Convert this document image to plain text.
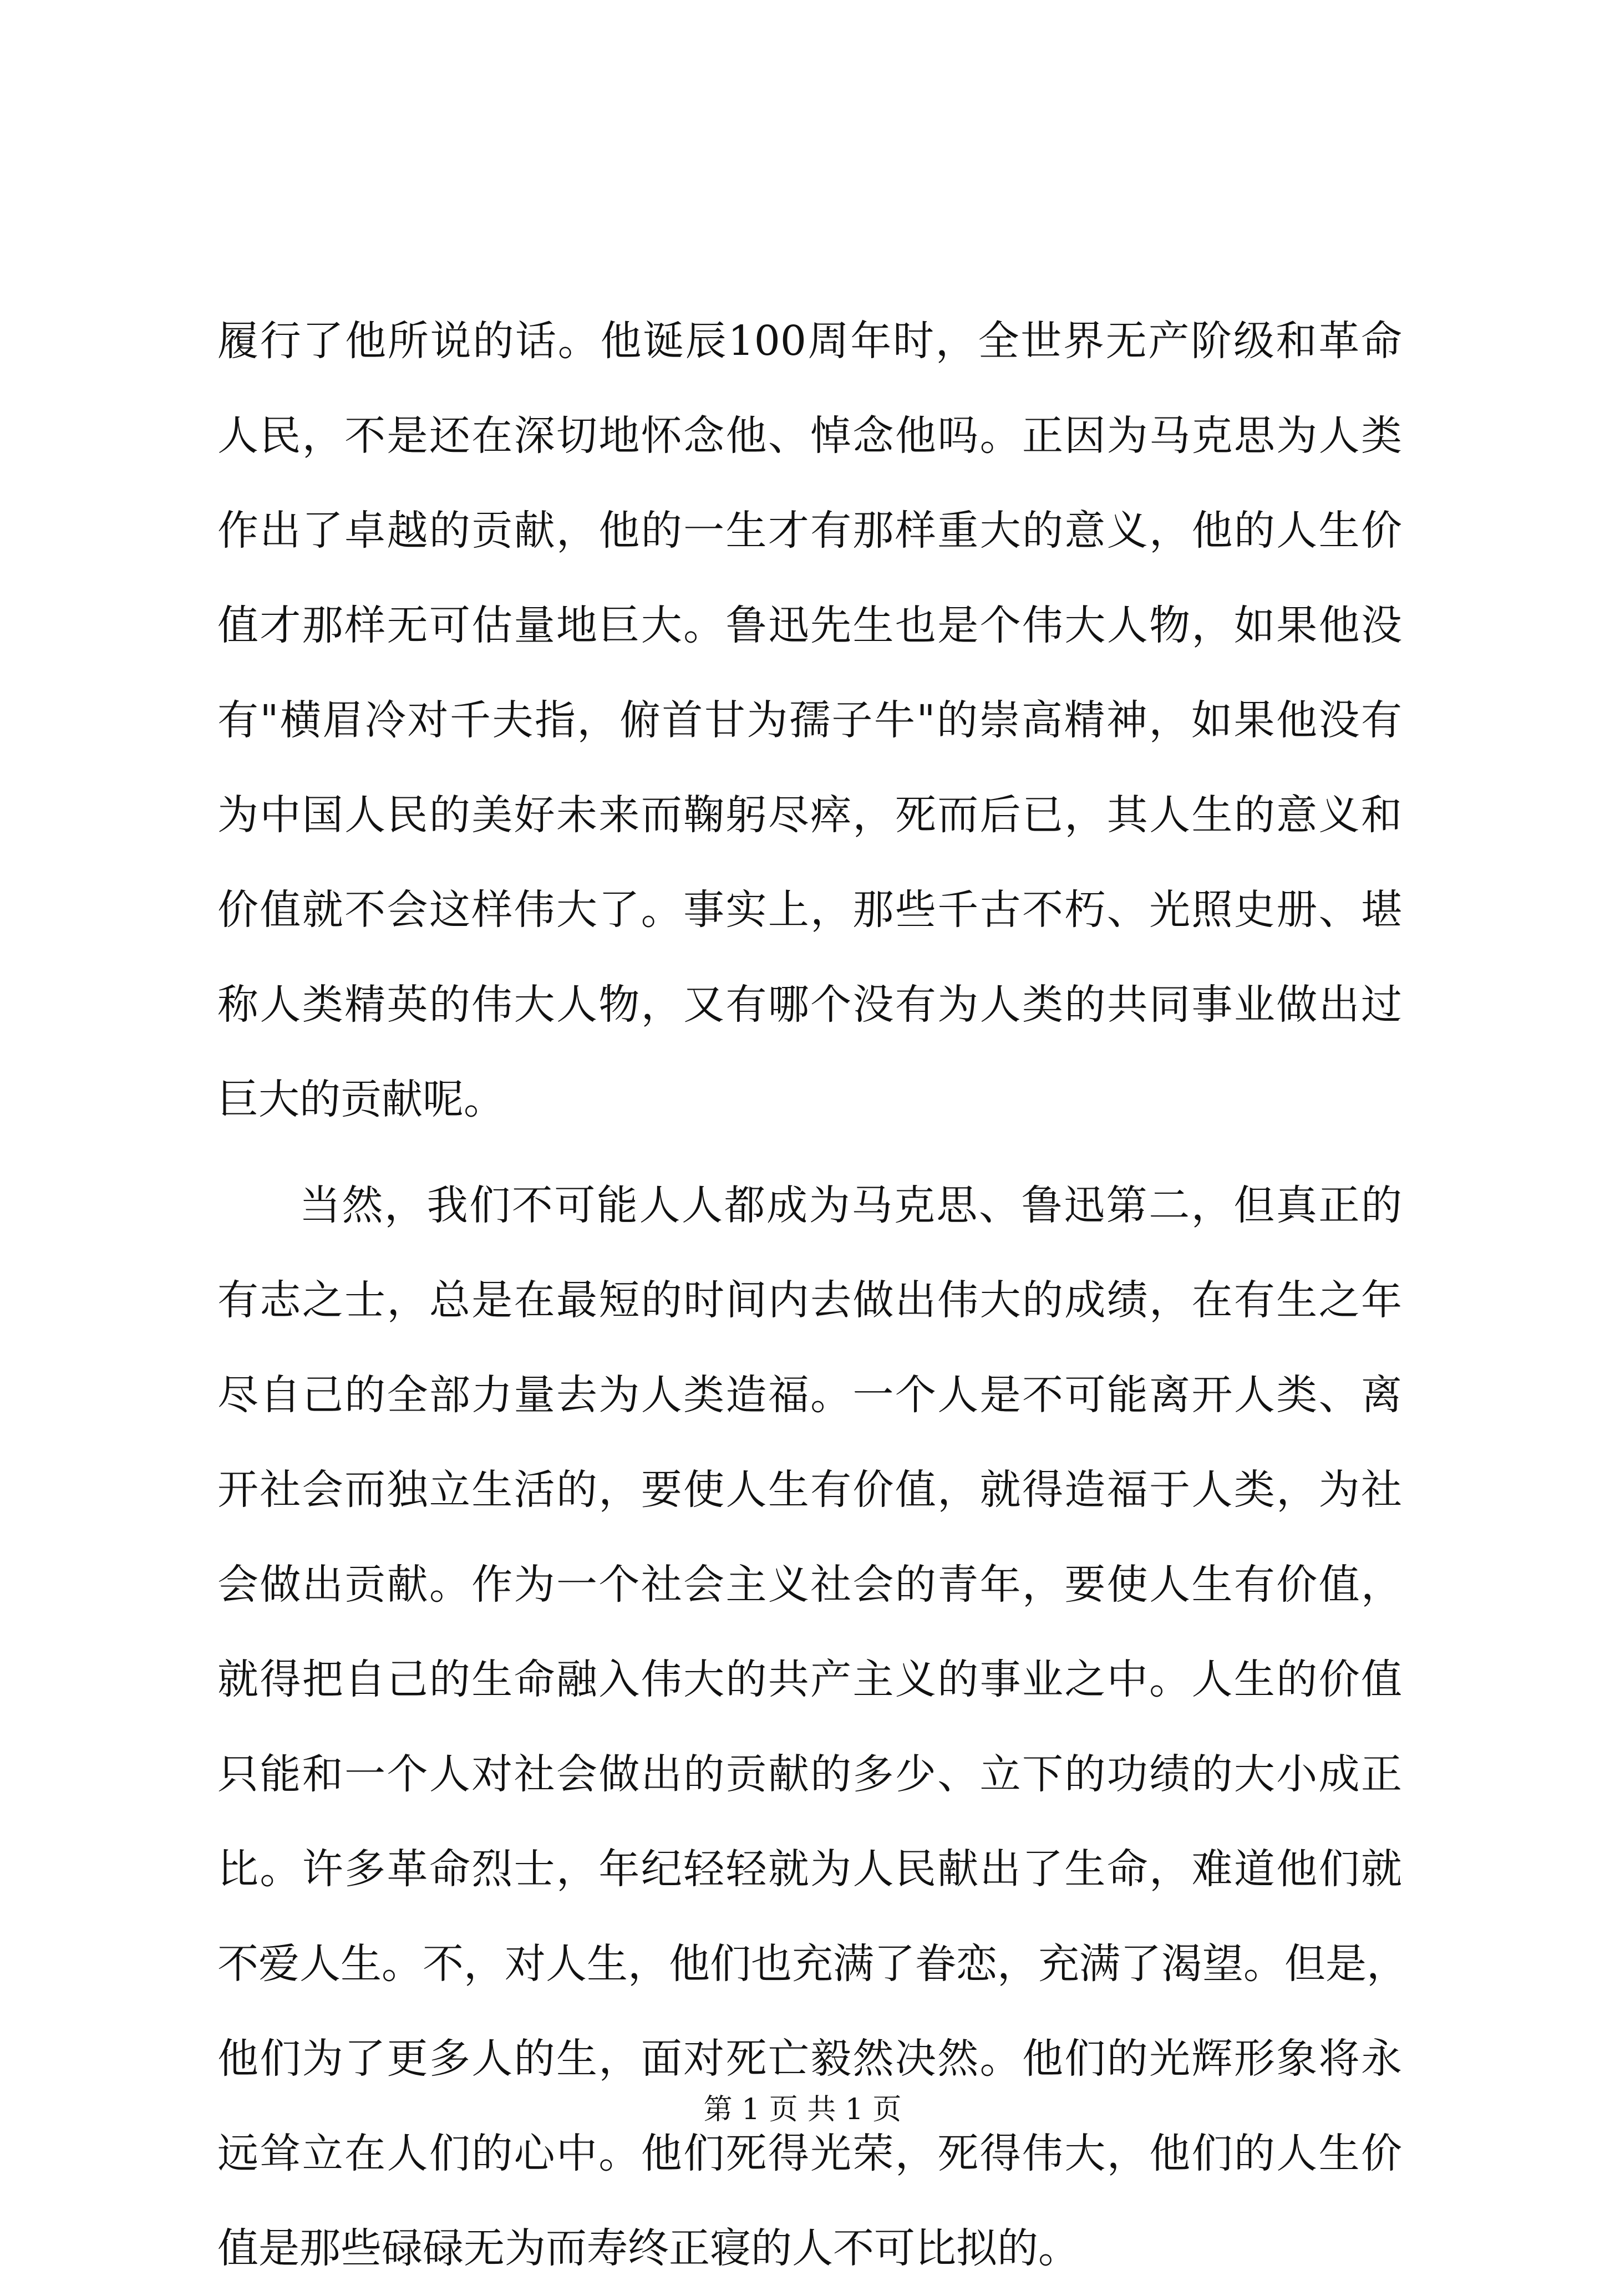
履行了他所说的话。他诞辰100周年时，全世界无产阶级和革命
人民，不是还在深切地怀念他、悼念他吗。正因为马克思为人类
作出了卓越的贡献，他的一生才有那样重大的意义，他的人生价
值才那样无可估量地巨大。鲁迅先生也是个伟大人物，如果他没
有"横眉冷对千夫指，俯首甘为孺子牛"的崇高精神，如果他没有
为中国人民的美好未来而鞠躬尽瘁，死而后已，其人生的意义和
价值就不会这样伟大了。事实上，那些千古不朽、光照史册、堪
称人类精英的伟大人物，又有哪个没有为人类的共同事业做出过
巨大的贡献呢。
当然，我们不可能人人都成为马克思、鲁迅第二，但真正的
有志之士，总是在最短的时间内去做出伟大的成绩，在有生之年
尽自己的全部力量去为人类造福。一个人是不可能离开人类、离
开社会而独立生活的，要使人生有价值，就得造福于人类，为社
会做出贡献。作为一个社会主义社会的青年，要使人生有价值，
就得把自己的生命融入伟大的共产主义的事业之中。人生的价值
只能和一个人对社会做出的贡献的多少、立下的功绩的大小成正
比。许多革命烈士，年纪轻轻就为人民献出了生命，难道他们就
不爱人生。不，对人生，他们也充满了眷恋，充满了渴望。但是，
他们为了更多人的生，面对死亡毅然决然。他们的光辉形象将永
远耸立在人们的心中。他们死得光荣，死得伟大，他们的人生价
值是那些碌碌无为而寿终正寝的人不可比拟的。
第 1 页 共 1 页
